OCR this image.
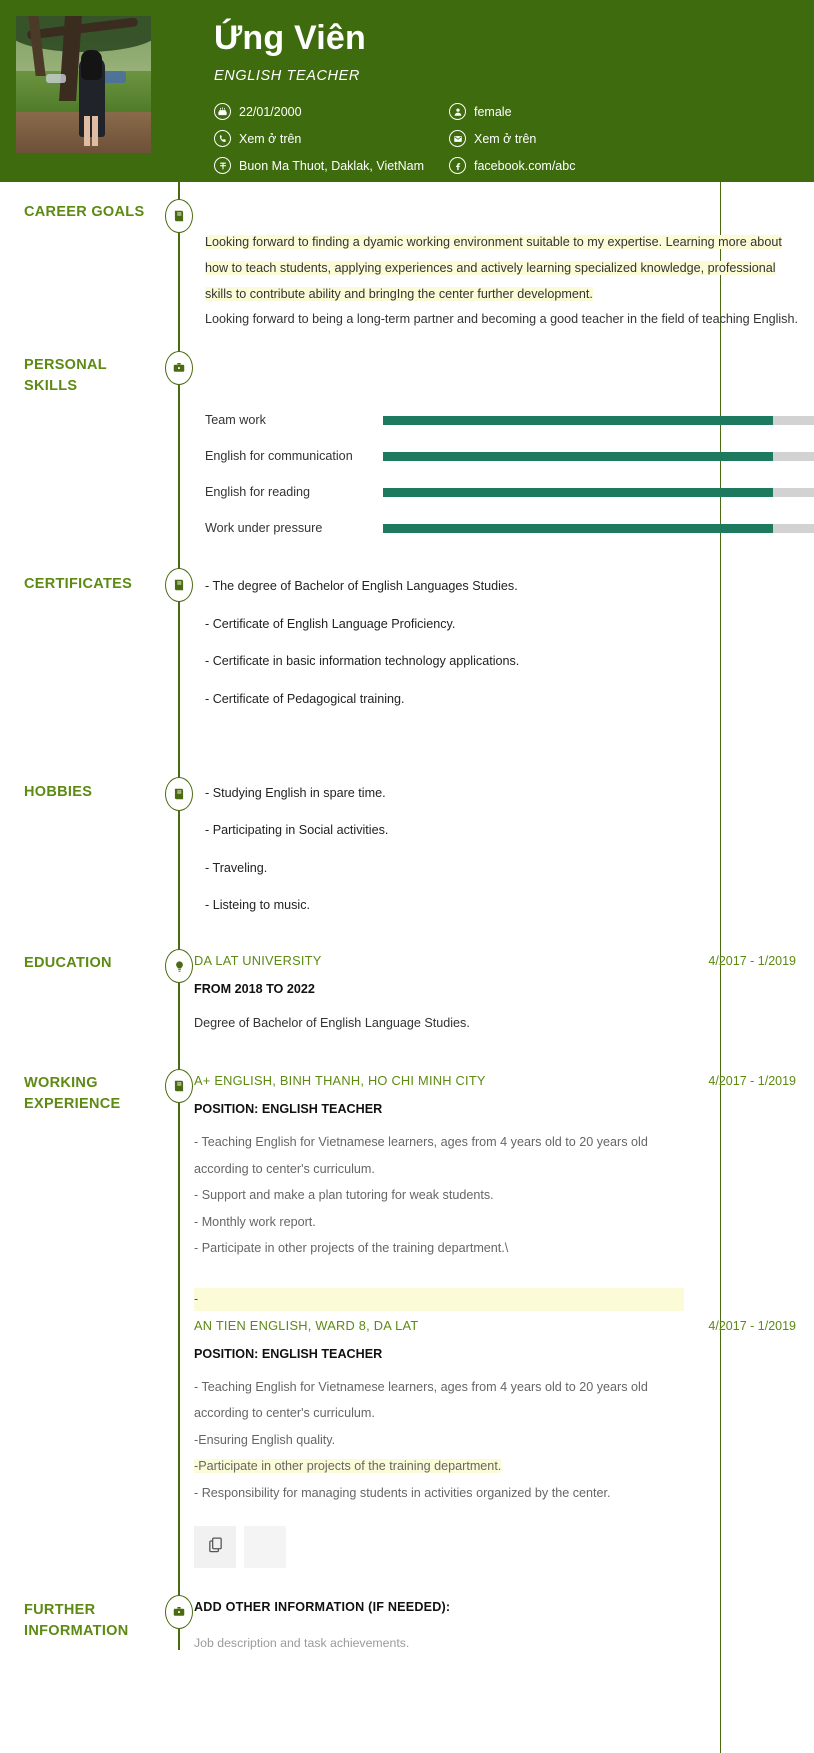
Ứng Viên
ENGLISH TEACHER
22/01/2000	female
Xem ở trên	Xem ở trên
Buon Ma Thuot, Daklak, VietNam	facebook.com/abc
CAREER GOALS
Looking forward to finding a dyamic working environment suitable to my expertise. Learning more about how to teach students, applying experiences and actively learning specialized knowledge, professional skills to contribute ability and bringIng the center further development.
Looking forward to being a long-term partner and becoming a good teacher in the field of teaching English.
PERSONAL
SKILLS
Team work
English for communication
English for reading
Work under pressure
CERTIFICATES	- The degree of Bachelor of English Languages Studies.
- Certificate of English Language Proficiency.
- Certificate in basic information technology applications.
- Certificate of Pedagogical training.
HOBBIES	- Studying English in spare time.
- Participating in Social activities.
- Traveling.
- Listeing to music.
EDUCATION	DA LAT UNIVERSITY	4/2017 - 1/2019
FROM 2018 TO 2022
Degree of Bachelor of English Language Studies.
WORKING
EXPERIENCE
A+ ENGLISH, BINH THANH, HO CHI MINH CITY	4/2017 - 1/2019
POSITION: ENGLISH TEACHER
- Teaching English for Vietnamese learners, ages from 4 years old to 20 years old
according to center's curriculum.
- Support and make a plan tutoring for weak students.
- Monthly work report.
- Participate in other projects of the training department.\
-
AN TIEN ENGLISH, WARD 8, DA LAT	4/2017 - 1/2019
POSITION: ENGLISH TEACHER
- Teaching English for Vietnamese learners, ages from 4 years old to 20 years old
according to center's curriculum.
-Ensuring English quality.
-Participate in other projects of the training department.
- Responsibility for managing students in activities organized by the center.
FURTHER
INFORMATION
ADD OTHER INFORMATION (IF NEEDED):
Job description and task achievements.
